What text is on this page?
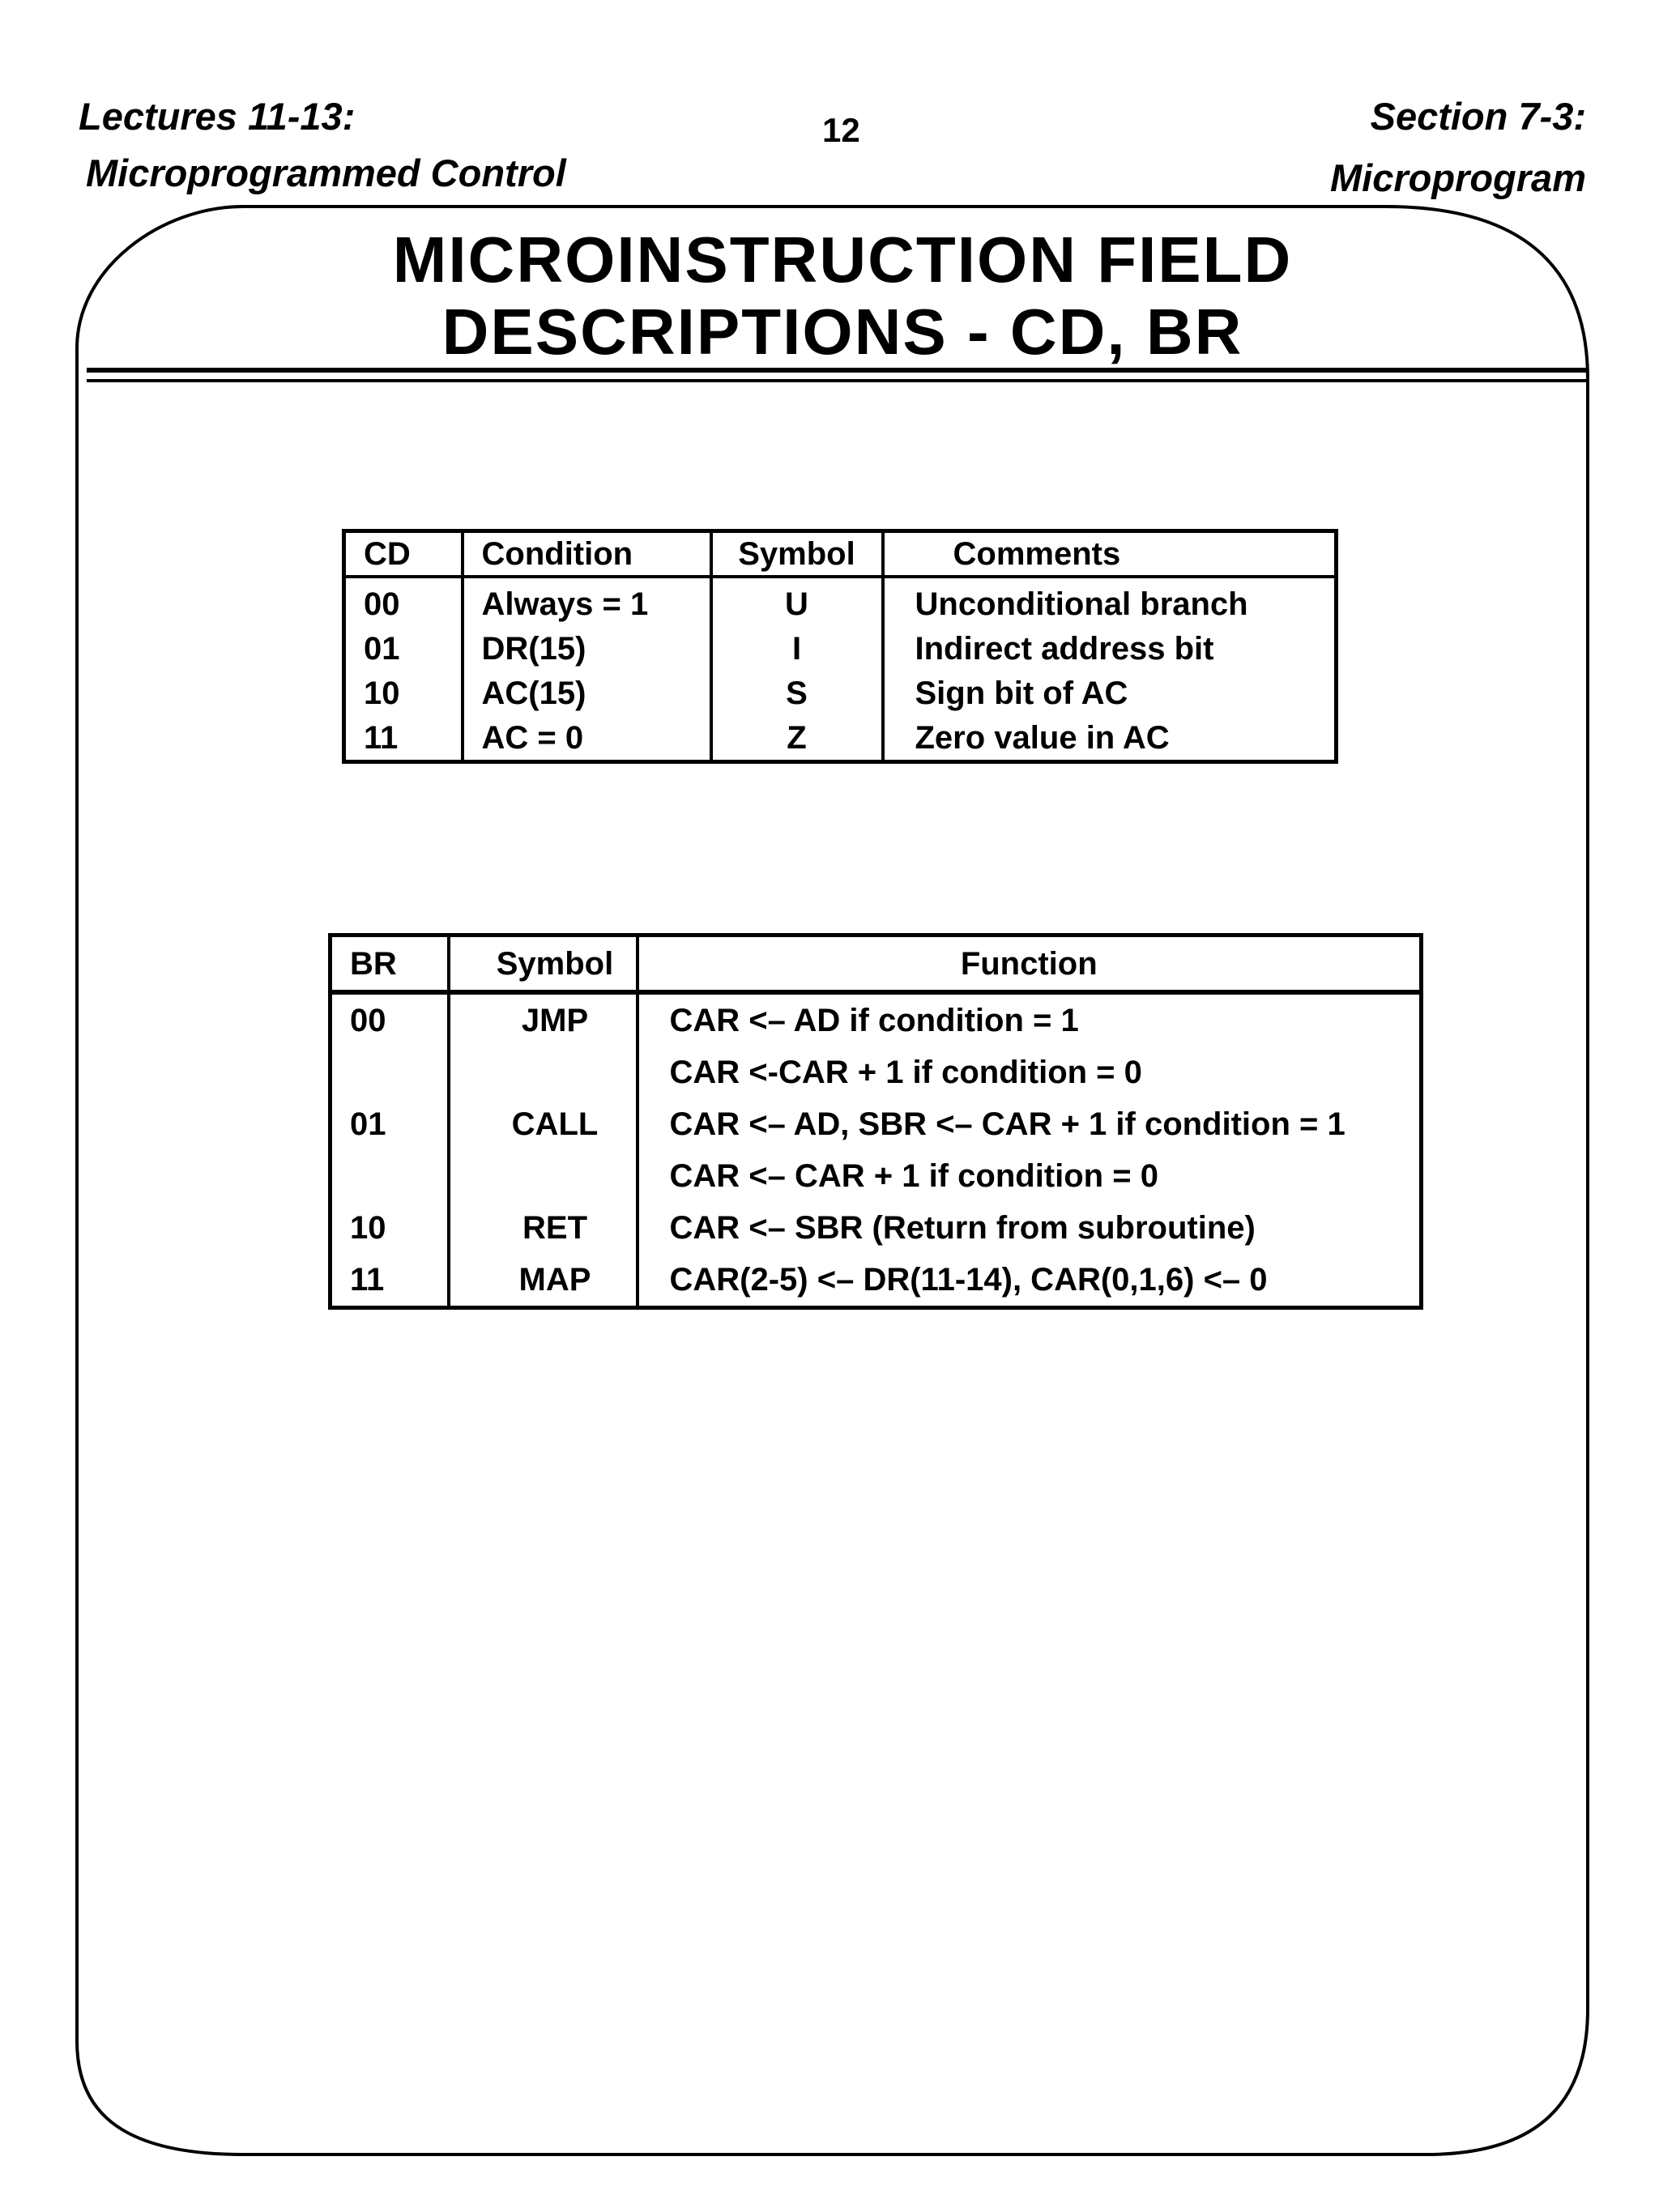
Lectures 11-13:
Microprogrammed Control
12	Section 7-3:
Microprogram
MICROINSTRUCTION FIELD
DESCRIPTIONS - CD, BR
CD	Condition	Symbol	Comments
00	Always = 1	U	Unconditional branch
01	DR(15)	I	Indirect address bit
10	AC(15)	S	Sign bit of AC
11	AC = 0	Z	Zero value in AC
BR	Symbol	Function
00	JMP	CAR <– AD if condition = 1
		CAR <-CAR + 1 if condition = 0
01	CALL	CAR <– AD, SBR <– CAR + 1 if condition = 1
		CAR <– CAR + 1 if condition = 0
10	RET	CAR <– SBR (Return from subroutine)
11	MAP	CAR(2-5) <– DR(11-14), CAR(0,1,6) <– 0
